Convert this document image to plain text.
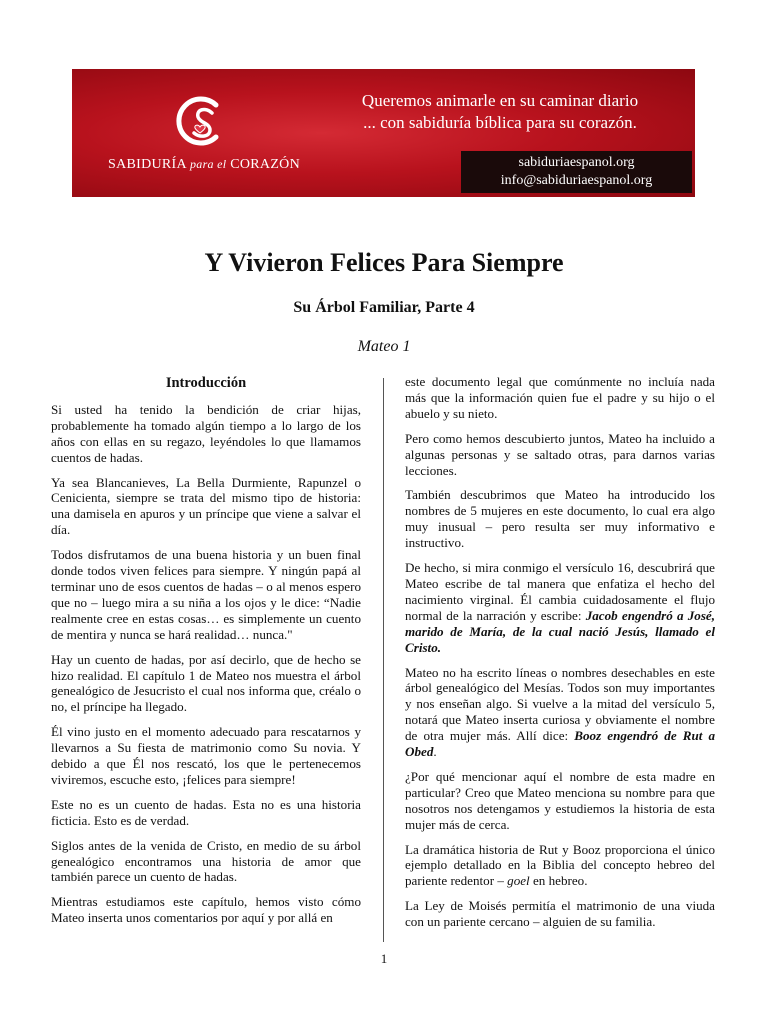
SABIDURÍA para el CORAZÓN
Queremos animarle en su caminar diario
... con sabiduría bíblica para su corazón.
sabiduriaespanol.org
info@sabiduriaespanol.org
Y Vivieron Felices Para Siempre
Su Árbol Familiar, Parte 4
Mateo 1
Introducción

Si usted ha tenido la bendición de criar hijas, probablemente ha tomado algún tiempo a lo largo de los años con ellas en su regazo, leyéndoles lo que llamamos cuentos de hadas.

Ya sea Blancanieves, La Bella Durmiente, Rapunzel o Cenicienta, siempre se trata del mismo tipo de historia: una damisela en apuros y un príncipe que viene a salvar el día.

Todos disfrutamos de una buena historia y un buen final donde todos viven felices para siempre. Y ningún papá al terminar uno de esos cuentos de hadas – o al menos espero que no – luego mira a su niña a los ojos y le dice: “Nadie realmente cree en estas cosas… es simplemente un cuento de mentira y nunca se hará realidad… nunca."

Hay un cuento de hadas, por así decirlo, que de hecho se hizo realidad. El capítulo 1 de Mateo nos muestra el árbol genealógico de Jesucristo el cual nos informa que, créalo o no, el príncipe ha llegado.

Él vino justo en el momento adecuado para rescatarnos y llevarnos a Su fiesta de matrimonio como Su novia. Y debido a que Él nos rescató, los que le pertenecemos viviremos, escuche esto, ¡felices para siempre!

Este no es un cuento de hadas. Esta no es una historia ficticia. Esto es de verdad.

Siglos antes de la venida de Cristo, en medio de su árbol genealógico encontramos una historia de amor que también parece un cuento de hadas.

Mientras estudiamos este capítulo, hemos visto cómo Mateo inserta unos comentarios por aquí y por allá en

este documento legal que comúnmente no incluía nada más que la información quien fue el padre y su hijo o el abuelo y su nieto.

Pero como hemos descubierto juntos, Mateo ha incluido a algunas personas y se saltado otras, para darnos varias lecciones.

También descubrimos que Mateo ha introducido los nombres de 5 mujeres en este documento, lo cual era algo muy inusual – pero resulta ser muy informativo e instructivo.

De hecho, si mira conmigo el versículo 16, descubrirá que Mateo escribe de tal manera que enfatiza el hecho del nacimiento virginal. Él cambia cuidadosamente el flujo normal de la narración y escribe: Jacob engendró a José, marido de María, de la cual nació Jesús, llamado el Cristo.

Mateo no ha escrito líneas o nombres desechables en este árbol genealógico del Mesías. Todos son muy importantes y nos enseñan algo. Si vuelve a la mitad del versículo 5, notará que Mateo inserta curiosa y obviamente el nombre de otra mujer más. Allí dice: Booz engendró de Rut a Obed.

¿Por qué mencionar aquí el nombre de esta madre en particular? Creo que Mateo menciona su nombre para que nosotros nos detengamos y estudiemos la historia de esta mujer más de cerca.

La dramática historia de Rut y Booz proporciona el único ejemplo detallado en la Biblia del concepto hebreo del pariente redentor – goel en hebreo.

La Ley de Moisés permitía el matrimonio de una viuda con un pariente cercano – alguien de su familia.

1
